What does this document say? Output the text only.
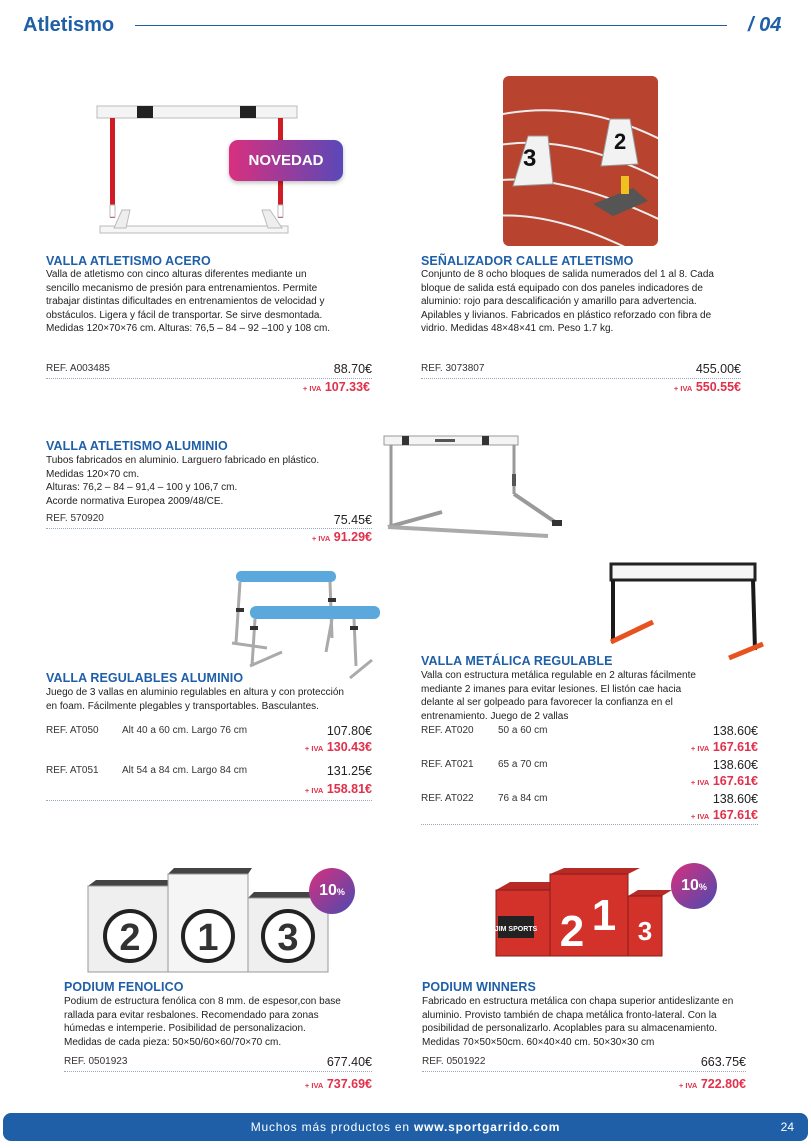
Atletismo	/ 04
NOVEDAD	3
2
VALLA ATLETISMO ACERO
Valla de atletismo con cinco alturas diferentes mediante un
sencillo mecanismo de presión para entrenamientos. Permite
trabajar distintas dificultades en entrenamientos de velocidad y
obstáculos. Ligera y fácil de transportar. Se sirve desmontada.
Medidas 120×70×76 cm. Alturas: 76,5 – 84 – 92 –100 y 108 cm.
REF. A003485	88.70€
+ IVA 107.33€
SEÑALIZADOR CALLE ATLETISMO
Conjunto de 8 ocho bloques de salida numerados del 1 al 8. Cada
bloque de salida está equipado con dos paneles indicadores de
aluminio: rojo para descalificación y amarillo para advertencia.
Apilables y livianos. Fabricados en plástico reforzado con fibra de
vidrio. Medidas 48×48×41 cm. Peso 1.7 kg.
REF. 3073807	455.00€
+ IVA 550.55€
VALLA ATLETISMO ALUMINIO
Tubos fabricados en aluminio. Larguero fabricado en plástico.
Medidas 120×70 cm.
Alturas: 76,2 – 84 – 91,4 – 100 y 106,7 cm.
Acorde normativa Europea 2009/48/CE.
REF. 570920	75.45€
+ IVA 91.29€
VALLA REGULABLES ALUMINIO
Juego de 3 vallas en aluminio regulables en altura y con protección
en foam. Fácilmente plegables y transportables. Basculantes.
REF. AT050 Alt 40 a 60 cm. Largo 76 cm	107.80€
+ IVA 130.43€
REF. AT051 Alt 54 a 84 cm. Largo 84 cm	131.25€
+ IVA 158.81€
VALLA METÁLICA REGULABLE
Valla con estructura metálica regulable en 2 alturas fácilmente
mediante 2 imanes para evitar lesiones. El listón cae hacia
delante al ser golpeado para favorecer la confianza en el
entrenamiento. Juego de 2 vallas
REF. AT020 50 a 60 cm	138.60€
+ IVA 167.61€
REF. AT021 65 a 70 cm	138.60€
+ IVA 167.61€
REF. AT022 76 a 84 cm	138.60€
+ IVA 167.61€
2 1 3
10%
JIM SPORTS 2 1 3
10%
PODIUM FENOLICO
Podium de estructura fenólica con 8 mm. de espesor,con base
rallada para evitar resbalones. Recomendado para zonas
húmedas e intemperie. Posibilidad de personalizacion.
Medidas de cada pieza: 50×50/60×60/70×70 cm.
REF. 0501923	677.40€
+ IVA 737.69€
PODIUM WINNERS
Fabricado en estructura metálica con chapa superior antideslizante en
aluminio. Provisto también de chapa metálica fronto-lateral. Con la
posibilidad de personalizarlo. Acoplables para su almacenamiento.
Medidas 70×50×50cm. 60×40×40 cm. 50×30×30 cm
REF. 0501922	663.75€
+ IVA 722.80€
Muchos más productos en www.sportgarrido.com	24
